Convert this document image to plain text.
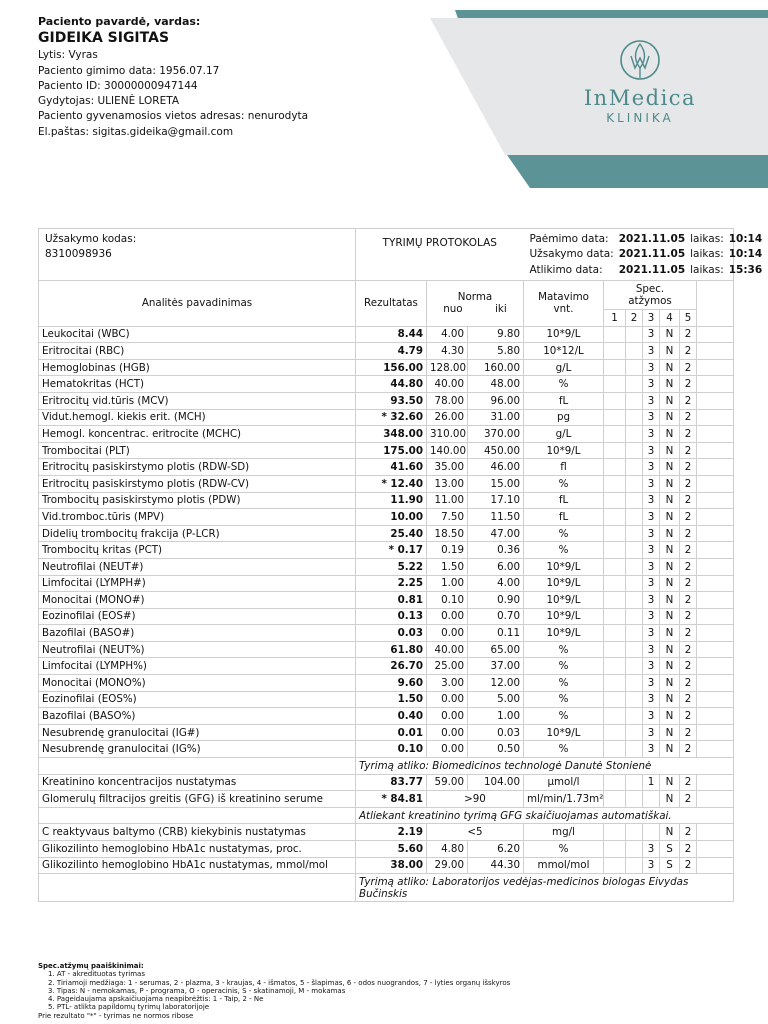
InMedica
KLINIKA
Paciento pavardė, vardas:
GIDEIKA SIGITAS
Lytis: Vyras
Paciento gimimo data: 1956.07.17
Paciento ID: 30000000947144
Gydytojas: ULIENĖ LORETA
Paciento gyvenamosios vietos adresas: nenurodyta
El.paštas: sigitas.gideika@gmail.com
Užsakymo kodas:
8310098936
	TYRIMŲ PROTOKOLAS		Paėmimo data:	2021.11.05	laikas:	10:14
Užsakymo data:	2021.11.05	laikas:	10:14
Atlikimo data:	2021.11.05	laikas:	15:36

Analitės pavadinimas	Rezultatas	Norma
nuo	iki

Matavimo
vnt.

Spec.
atžymos

1	2	3	4	5
Leukocitai (WBC)	8.44	4.00	9.80	10*9/L			3	N	2	
Eritrocitai (RBC)	4.79	4.30	5.80	10*12/L			3	N	2	
Hemoglobinas (HGB)	156.00	128.00	160.00	g/L			3	N	2	
Hematokritas (HCT)	44.80	40.00	48.00	%			3	N	2	
Eritrocitų vid.tūris (MCV)	93.50	78.00	96.00	fL			3	N	2	
Vidut.hemogl. kiekis erit. (MCH)	* 32.60	26.00	31.00	pg			3	N	2	
Hemogl. koncentrac. eritrocite (MCHC)	348.00	310.00	370.00	g/L			3	N	2	
Trombocitai (PLT)	175.00	140.00	450.00	10*9/L			3	N	2	
Eritrocitų pasiskirstymo plotis (RDW-SD)	41.60	35.00	46.00	fl			3	N	2	
Eritrocitų pasiskirstymo plotis (RDW-CV)	* 12.40	13.00	15.00	%			3	N	2	
Trombocitų pasiskirstymo plotis (PDW)	11.90	11.00	17.10	fL			3	N	2	
Vid.tromboc.tūris (MPV)	10.00	7.50	11.50	fL			3	N	2	
Didelių trombocitų frakcija (P-LCR)	25.40	18.50	47.00	%			3	N	2	
Trombocitų kritas (PCT)	* 0.17	0.19	0.36	%			3	N	2	
Neutrofilai (NEUT#)	5.22	1.50	6.00	10*9/L			3	N	2	
Limfocitai (LYMPH#)	2.25	1.00	4.00	10*9/L			3	N	2	
Monocitai (MONO#)	0.81	0.10	0.90	10*9/L			3	N	2	
Eozinofilai (EOS#)	0.13	0.00	0.70	10*9/L			3	N	2	
Bazofilai (BASO#)	0.03	0.00	0.11	10*9/L			3	N	2	
Neutrofilai (NEUT%)	61.80	40.00	65.00	%			3	N	2	
Limfocitai (LYMPH%)	26.70	25.00	37.00	%			3	N	2	
Monocitai (MONO%)	9.60	3.00	12.00	%			3	N	2	
Eozinofilai (EOS%)	1.50	0.00	5.00	%			3	N	2	
Bazofilai (BASO%)	0.40	0.00	1.00	%			3	N	2	
Nesubrendę granulocitai (IG#)	0.01	0.00	0.03	10*9/L			3	N	2	
Nesubrendę granulocitai (IG%)	0.10	0.00	0.50	%			3	N	2	
	Tyrimą atliko: Biomedicinos technologė Danutė Stonienė
Kreatinino koncentracijos nustatymas	83.77	59.00	104.00	µmol/l			1	N	2	
Glomerulų filtracijos greitis (GFG) iš kreatinino serume	* 84.81	>90	ml/min/1.73m²				N	2	
	Atliekant kreatinino tyrimą GFG skaičiuojamas automatiškai.
C reaktyvaus baltymo (CRB) kiekybinis nustatymas	2.19	<5	mg/l				N	2	
Glikozilinto hemoglobino HbA1c nustatymas, proc.	5.60	4.80	6.20	%			3	S	2	
Glikozilinto hemoglobino HbA1c nustatymas, mmol/mol	38.00	29.00	44.30	mmol/mol			3	S	2	
	Tyrimą atliko: Laboratorijos vedėjas-medicinos biologas Eivydas Bučinskis
Spec.atžymų paaiškinimai:
1. AT - akredituotas tyrimas
2. Tiriamoji medžiaga: 1 - serumas, 2 - plazma, 3 - kraujas, 4 - išmatos, 5 - šlapimas, 6 - odos nuograndos, 7 - lyties organų išskyros
3. Tipas: N - nemokamas, P - programa, O - operacinis, S - skatinamoji, M - mokamas
4. Pageidaujama apskaičiuojama neapibrėžtis: 1 - Taip, 2 - Ne
5. PTL- atlikta papildomų tyrimų laboratorijoje
Prie rezultato "*" - tyrimas ne normos ribose
